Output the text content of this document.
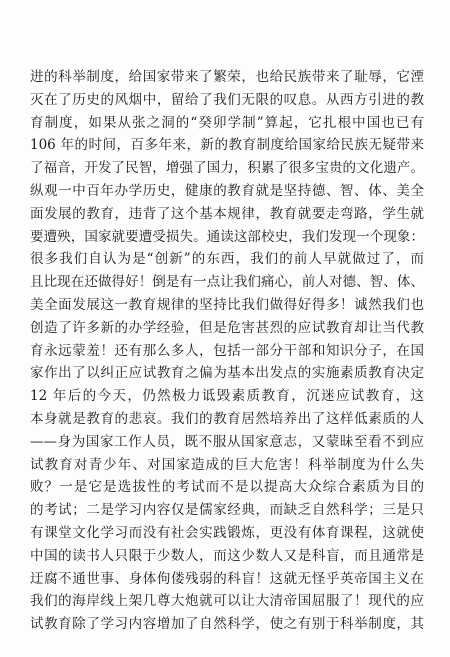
进的科举制度，给国家带来了繁荣，也给民族带来了耻辱，它湮
灭在了历史的风烟中，留给了我们无限的叹息。从西方引进的教
育制度，如果从张之洞的“癸卯学制”算起，它扎根中国也已有
106 年的时间，百多年来，新的教育制度给国家给民族无疑带来
了福音，开发了民智，增强了国力，积累了很多宝贵的文化遗产。
纵观一中百年办学历史，健康的教育就是坚持德、智、体、美全
面发展的教育，违背了这个基本规律，教育就要走弯路，学生就
要遭殃，国家就要遭受损失。通读这部校史，我们发现一个现象：
很多我们自认为是“创新”的东西，我们的前人早就做过了，而
且比现在还做得好！倒是有一点让我们痛心，前人对德、智、体、
美全面发展这一教育规律的坚持比我们做得好得多！诚然我们也
创造了许多新的办学经验，但是危害甚烈的应试教育却让当代教
育永远蒙羞！还有那么多人，包括一部分干部和知识分子，在国
家作出了以纠正应试教育之偏为基本出发点的实施素质教育决定
12 年后的今天，仍然极力诋毁素质教育，沉迷应试教育，这
本身就是教育的悲哀。我们的教育居然培养出了这样低素质的人
——身为国家工作人员，既不服从国家意志，又蒙昧至看不到应
试教育对青少年、对国家造成的巨大危害！科举制度为什么失
败？一是它是选拔性的考试而不是以提高大众综合素质为目的
的考试；二是学习内容仅是儒家经典，而缺乏自然科学；三是只
有课堂文化学习而没有社会实践锻炼，更没有体育课程，这就使
中国的读书人只限于少数人，而这少数人又是科盲，而且通常是
迂腐不通世事、身体佝偻残弱的科盲！这就无怪乎英帝国主义在
我们的海岸线上架几尊大炮就可以让大清帝国屈服了！现代的应
试教育除了学习内容增加了自然科学，使之有别于科举制度，其
